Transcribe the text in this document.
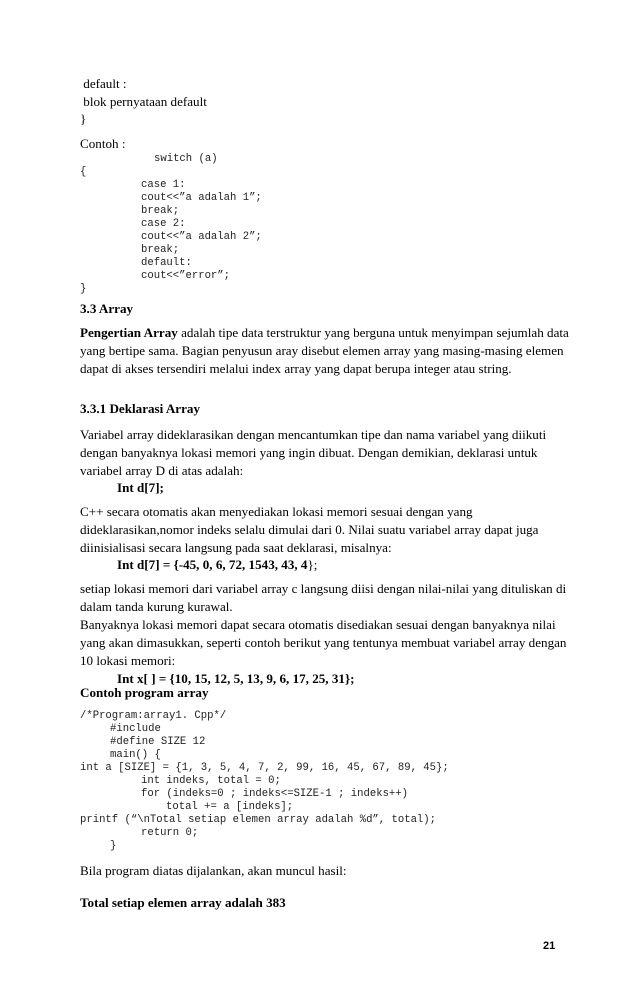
default :
blok pernyataan default
}
Contoh :
switch (a)
{
case 1:
cout<<”a adalah 1”;
break;
case 2:
cout<<”a adalah 2”;
break;
default:
cout<<”error”;
}
3.3 Array
Pengertian Array adalah tipe data terstruktur yang berguna untuk menyimpan sejumlah data
yang bertipe sama. Bagian penyusun aray disebut elemen array yang masing-masing elemen
dapat di akses tersendiri melalui index array yang dapat berupa integer atau string.
3.3.1 Deklarasi Array
Variabel array dideklarasikan dengan mencantumkan tipe dan nama variabel yang diikuti
dengan banyaknya lokasi memori yang ingin dibuat. Dengan demikian, deklarasi untuk
variabel array D di atas adalah:
Int d[7];
C++ secara otomatis akan menyediakan lokasi memori sesuai dengan yang
dideklarasikan,nomor indeks selalu dimulai dari 0. Nilai suatu variabel array dapat juga
diinisialisasi secara langsung pada saat deklarasi, misalnya:
Int d[7] = {-45, 0, 6, 72, 1543, 43, 4};
setiap lokasi memori dari variabel array c langsung diisi dengan nilai-nilai yang dituliskan di
dalam tanda kurung kurawal.
Banyaknya lokasi memori dapat secara otomatis disediakan sesuai dengan banyaknya nilai
yang akan dimasukkan, seperti contoh berikut yang tentunya membuat variabel array dengan
10 lokasi memori:
Int x[ ] = {10, 15, 12, 5, 13, 9, 6, 17, 25, 31};
Contoh program array
/*Program:array1. Cpp*/
#include
#define SIZE 12
main() {
int a [SIZE] = {1, 3, 5, 4, 7, 2, 99, 16, 45, 67, 89, 45};
int indeks, total = 0;
for (indeks=0 ; indeks<=SIZE-1 ; indeks++)
total += a [indeks];
printf (“\nTotal setiap elemen array adalah %d”, total);
return 0;
}
Bila program diatas dijalankan, akan muncul hasil:
Total setiap elemen array adalah 383
21
